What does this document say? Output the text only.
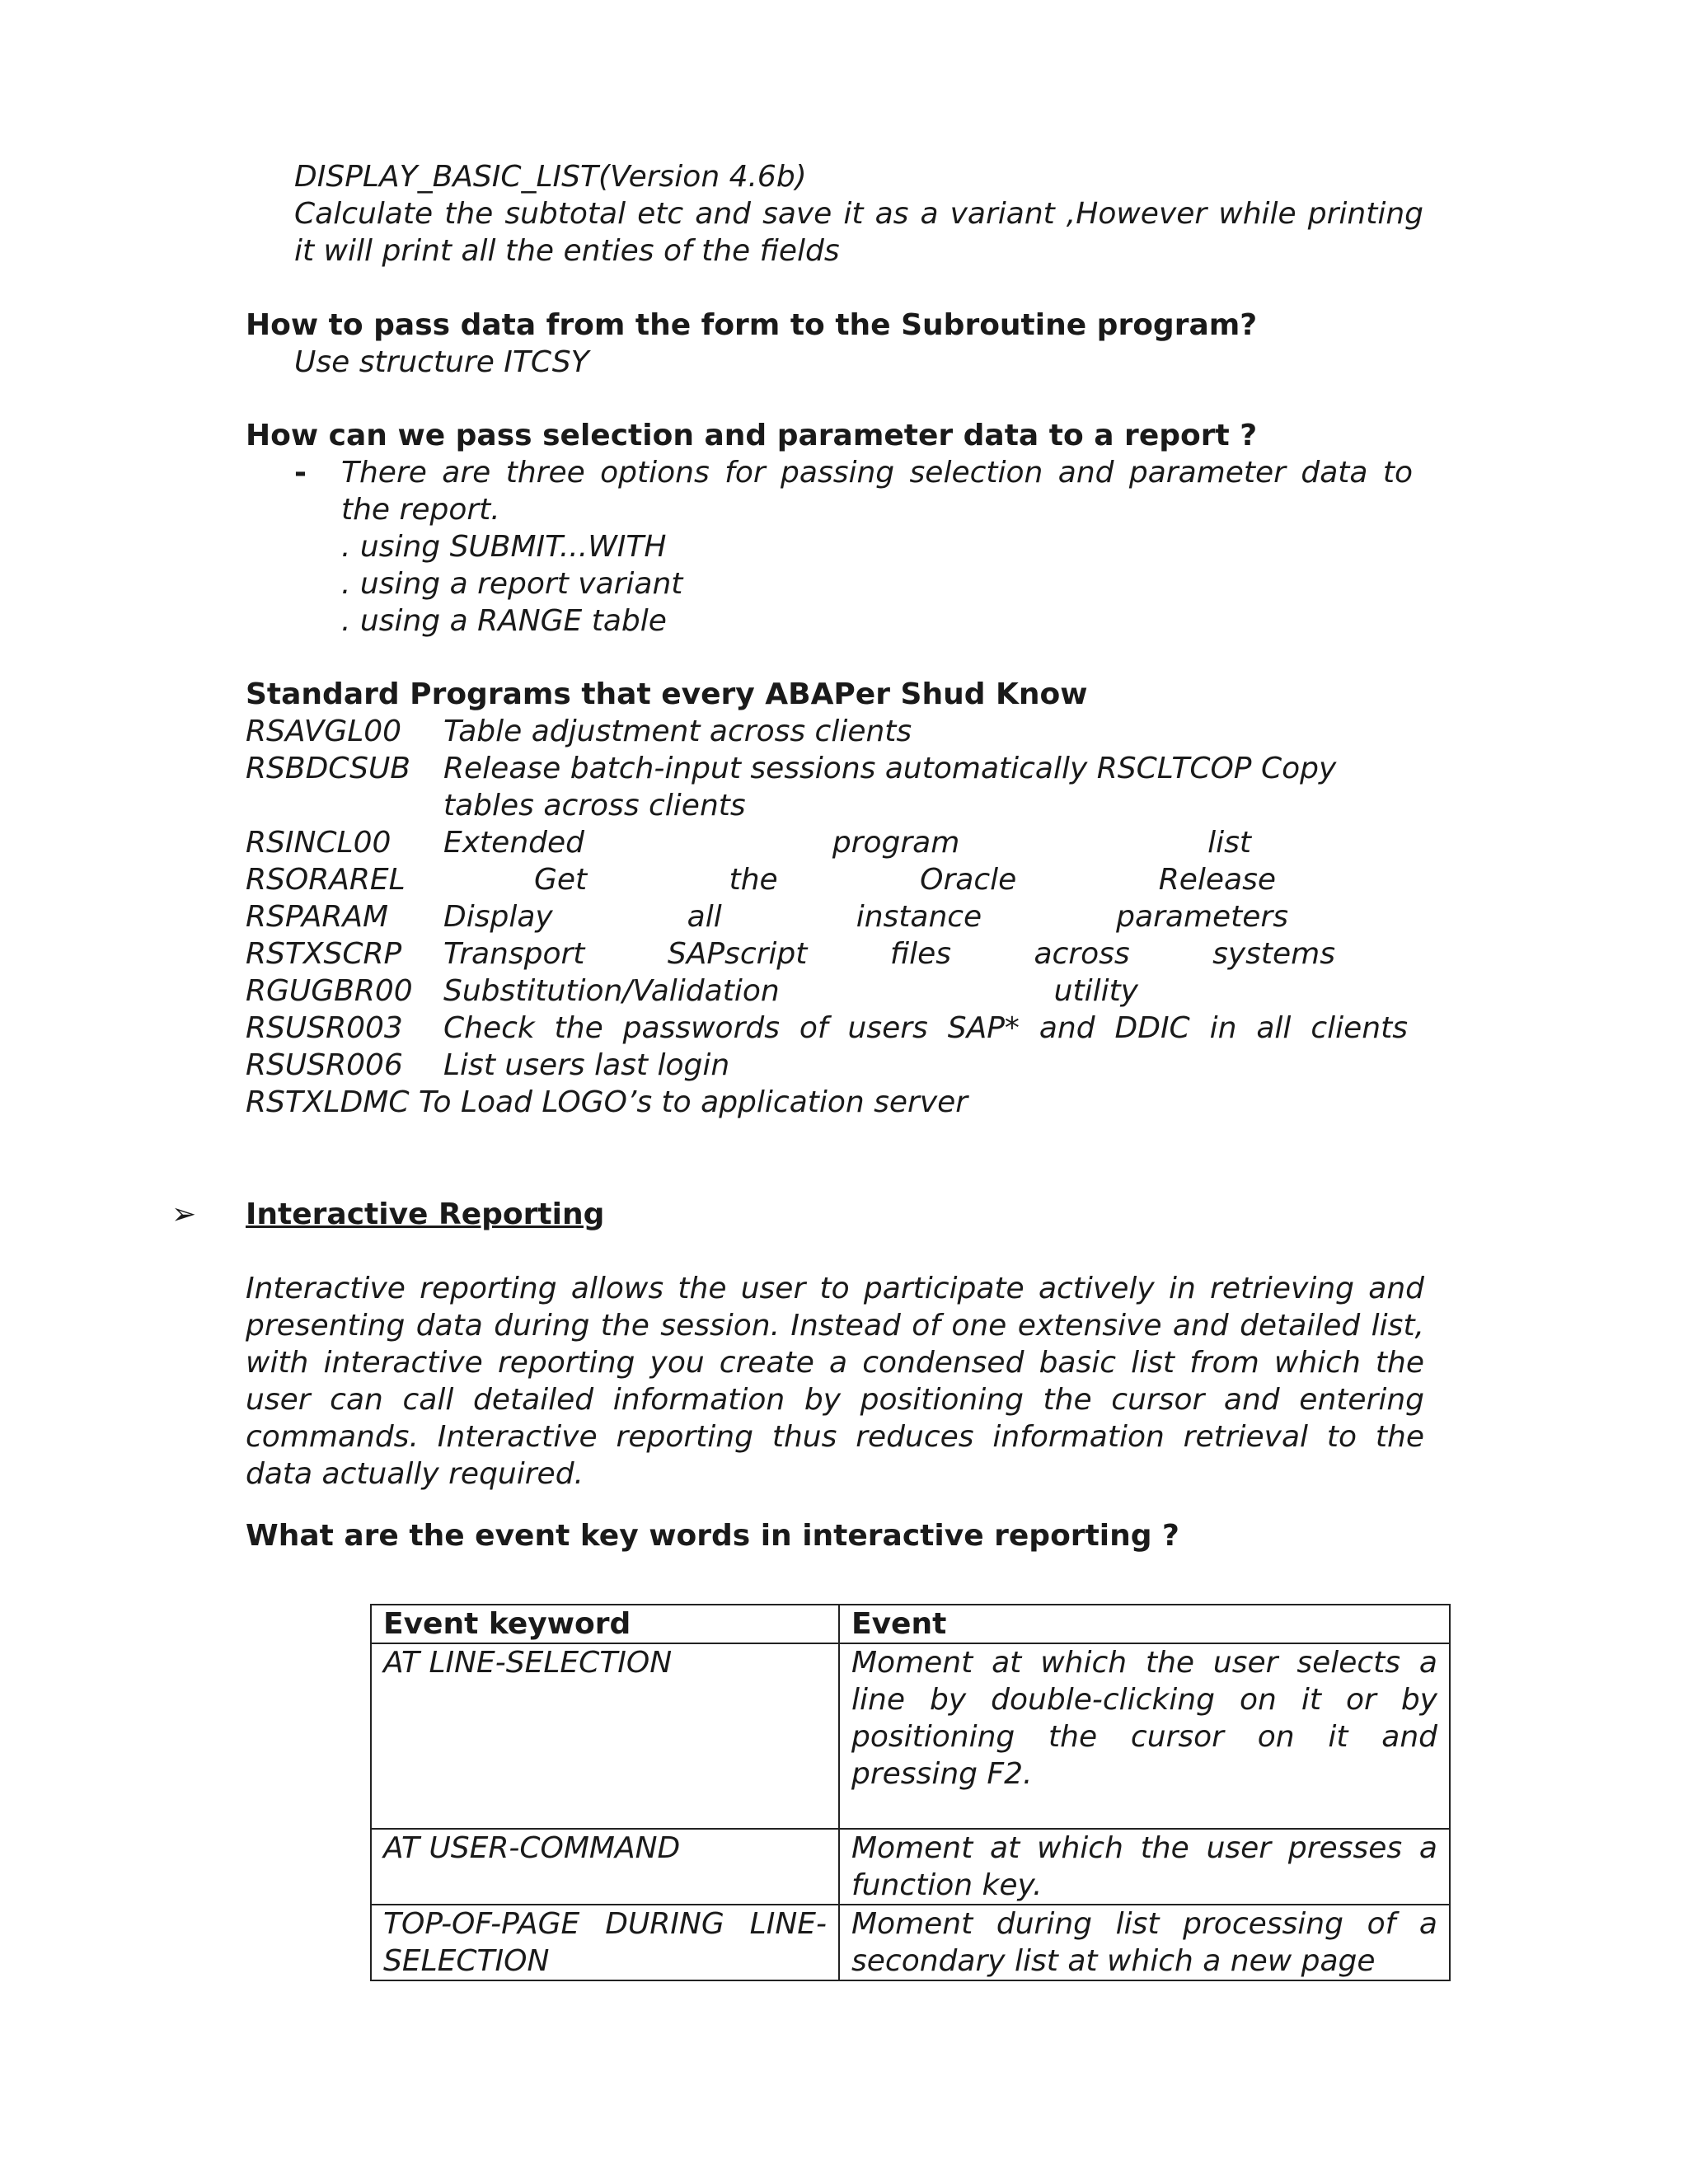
DISPLAY_BASIC_LIST(Version 4.6b)
Calculate the subtotal etc and save it as a variant ,However while printing it will print all the enties of the fields
How to pass data from the form to the Subroutine program?
Use structure ITCSY
How can we pass selection and parameter data to a report ?
- There are three options for passing selection and parameter data to the report.
. using SUBMIT...WITH
. using a report variant
. using a RANGE table
Standard Programs that every ABAPer Shud Know
RSAVGL00 Table adjustment across clients
RSBDCSUB Release batch-input sessions automatically RSCLTCOP Copy
tables across clients
RSINCL00 Extended program list
RSORAREL	Get the Oracle Release
RSPARAM Display all instance parameters
RSTXSCRP Transport SAPscript files across systems
RGUGBR00 Substitution/Validation utility
RSUSR003 Check the passwords of users SAP* and DDIC in all clients
RSUSR006 List users last login
RSTXLDMC To Load LOGO’s to application server
➢ Interactive Reporting
Interactive reporting allows the user to participate actively in retrieving and presenting data during the session. Instead of one extensive and detailed list, with interactive reporting you create a condensed basic list from which the user can call detailed information by positioning the cursor and entering commands. Interactive reporting thus reduces information retrieval to the data actually required.
What are the event key words in interactive reporting ?
Event keyword	Event
AT LINE-SELECTION	Moment at which the user selects a line by double-clicking on it or by positioning the cursor on it and pressing F2.
AT USER-COMMAND	Moment at which the user presses a function key.
TOP-OF-PAGE DURING LINE-SELECTION	Moment during list processing of a secondary list at which a new page
